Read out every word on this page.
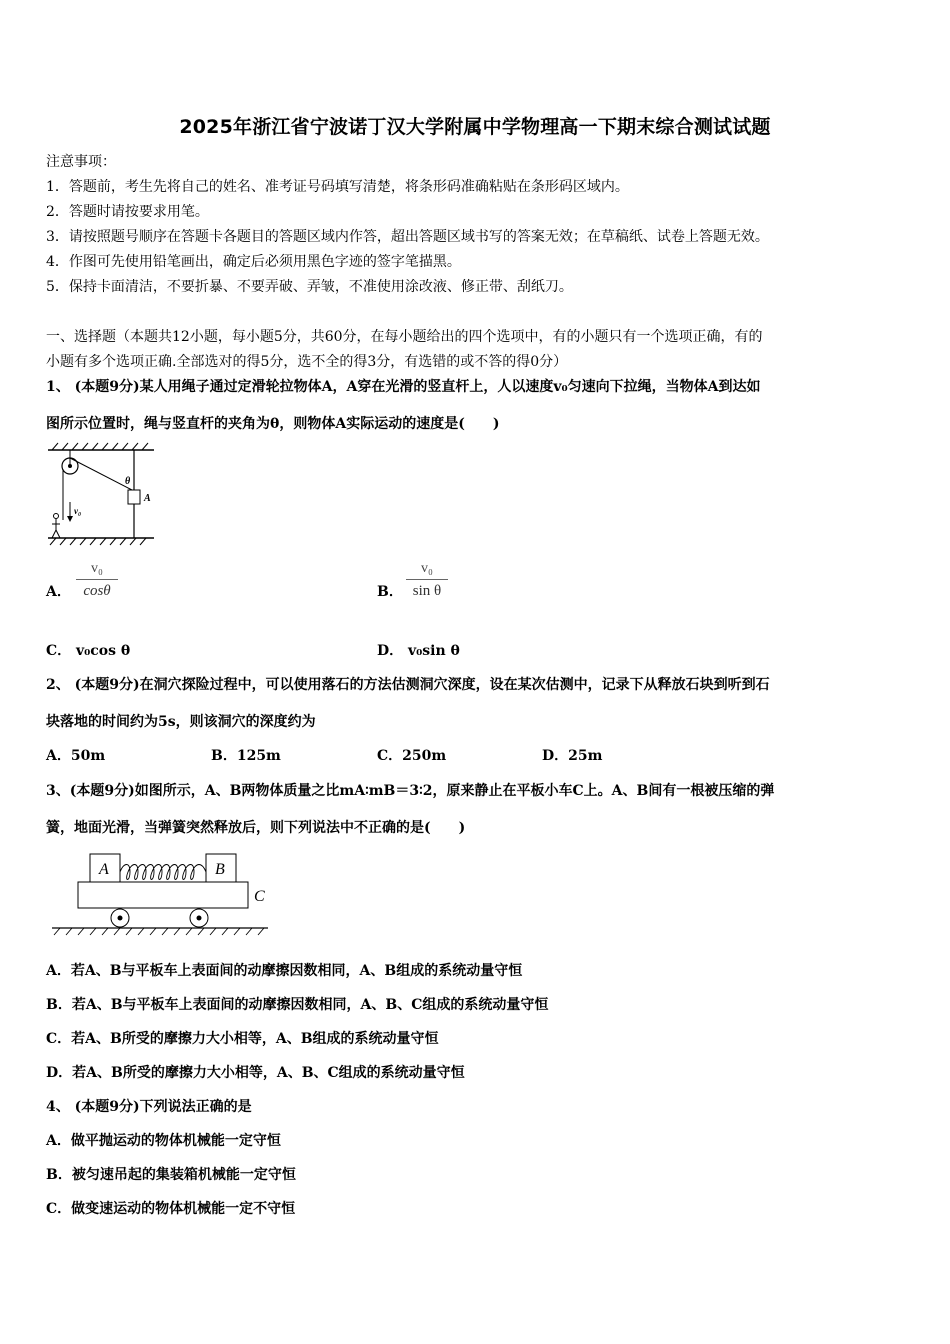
2025年浙江省宁波诺丁汉大学附属中学物理高一下期末综合测试试题
注意事项：
1．答题前，考生先将自己的姓名、准考证号码填写清楚，将条形码准确粘贴在条形码区域内。
2．答题时请按要求用笔。
3．请按照题号顺序在答题卡各题目的答题区域内作答，超出答题区域书写的答案无效；在草稿纸、试卷上答题无效。
4．作图可先使用铅笔画出，确定后必须用黑色字迹的签字笔描黑。
5．保持卡面清洁，不要折暴、不要弄破、弄皱，不准使用涂改液、修正带、刮纸刀。
一、选择题（本题共12小题，每小题5分，共60分，在每小题给出的四个选项中，有的小题只有一个选项正确，有的
小题有多个选项正确.全部选对的得5分，选不全的得3分，有选错的或不答的得0分）
1、 (本题9分)某人用绳子通过定滑轮拉物体A，A穿在光滑的竖直杆上，人以速度v₀匀速向下拉绳，当物体A到达如
图所示位置时，绳与竖直杆的夹角为θ，则物体A实际运动的速度是(　　)
θ
A
v₀
A．
v₀
cosθ	B．
v₀
sin θ
C． v₀cos θ	D． v₀sin θ
2、 (本题9分)在洞穴探险过程中，可以使用落石的方法估测洞穴深度，设在某次估测中，记录下从释放石块到听到石
块落地的时间约为5s，则该洞穴的深度约为
A．50m	B．125m	C．250m	D．25m
3、(本题9分)如图所示，A、B两物体质量之比mA∶mB＝3∶2，原来静止在平板小车C上。A、B间有一根被压缩的弹
簧，地面光滑，当弹簧突然释放后，则下列说法中不正确的是(　　)
A	B
C
A．若A、B与平板车上表面间的动摩擦因数相同，A、B组成的系统动量守恒
B．若A、B与平板车上表面间的动摩擦因数相同，A、B、C组成的系统动量守恒
C．若A、B所受的摩擦力大小相等，A、B组成的系统动量守恒
D．若A、B所受的摩擦力大小相等，A、B、C组成的系统动量守恒
4、 (本题9分)下列说法正确的是
A．做平抛运动的物体机械能一定守恒
B．被匀速吊起的集装箱机械能一定守恒
C．做变速运动的物体机械能一定不守恒
